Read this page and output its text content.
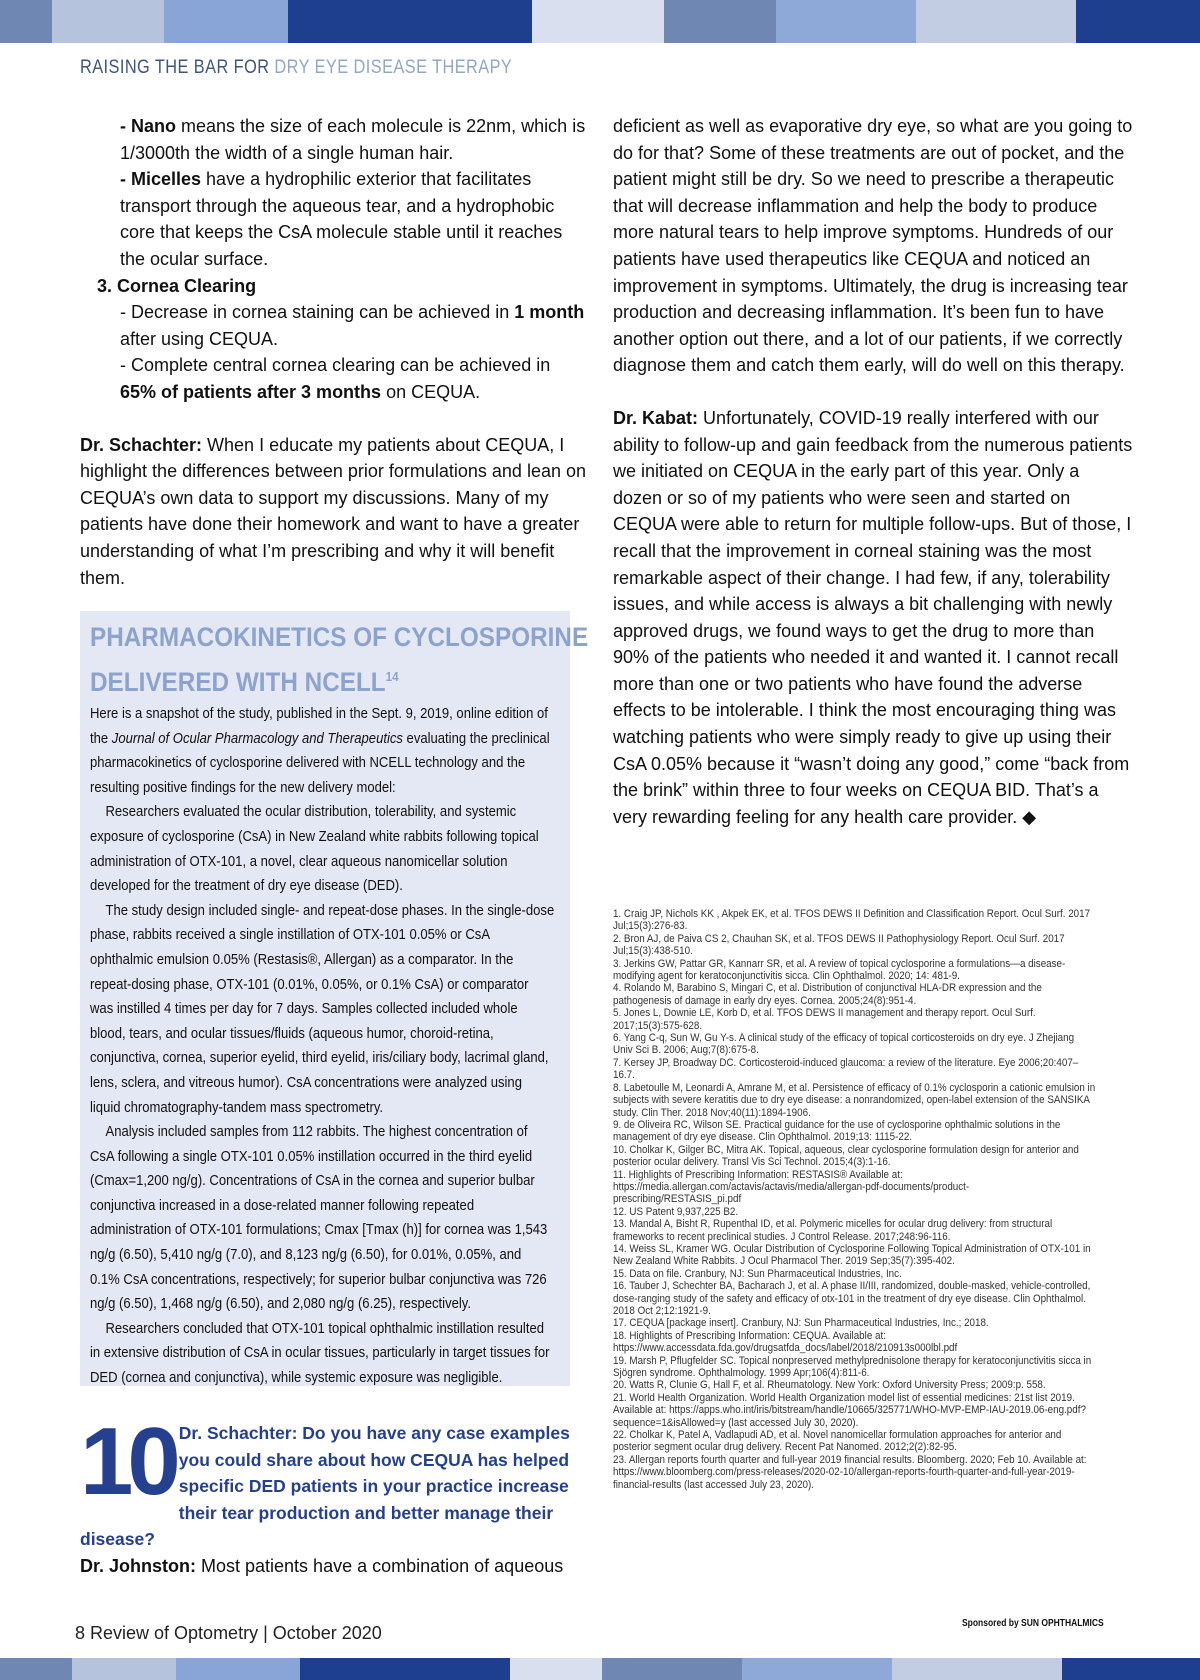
RAISING THE BAR FOR DRY EYE DISEASE THERAPY

- Nano means the size of each molecule is 22nm, which is 1/3000th the width of a single human hair.

- Micelles have a hydrophilic exterior that facilitates transport through the aqueous tear, and a hydrophobic core that keeps the CsA molecule stable until it reaches the ocular surface.

3. Cornea Clearing

- Decrease in cornea staining can be achieved in 1 month after using CEQUA.

- Complete central cornea clearing can be achieved in 65% of patients after 3 months on CEQUA.

Dr. Schachter: When I educate my patients about CEQUA, I highlight the differences between prior formulations and lean on CEQUA’s own data to support my discussions. Many of my patients have done their homework and want to have a greater understanding of what I’m prescribing and why it will benefit them.

PHARMACOKINETICS OF CYCLOSPORINE DELIVERED WITH NCELL$^{14}$

Here is a snapshot of the study, published in the Sept. 9, 2019, online edition of the Journal of Ocular Pharmacology and Therapeutics evaluating the preclinical pharmacokinetics of cyclosporine delivered with NCELL technology and the resulting positive findings for the new delivery model:

Researchers evaluated the ocular distribution, tolerability, and systemic exposure of cyclosporine (CsA) in New Zealand white rabbits following topical administration of OTX-101, a novel, clear aqueous nanomicellar solution developed for the treatment of dry eye disease (DED).

The study design included single- and repeat-dose phases. In the single-dose phase, rabbits received a single instillation of OTX-101 0.05% or CsA ophthalmic emulsion 0.05% (Restasis®, Allergan) as a comparator. In the repeat-dosing phase, OTX-101 (0.01%, 0.05%, or 0.1% CsA) or comparator was instilled 4 times per day for 7 days. Samples collected included whole blood, tears, and ocular tissues/fluids (aqueous humor, choroid-retina, conjunctiva, cornea, superior eyelid, third eyelid, iris/ciliary body, lacrimal gland, lens, sclera, and vitreous humor). CsA concentrations were analyzed using liquid chromatography-tandem mass spectrometry.

Analysis included samples from 112 rabbits. The highest concentration of CsA following a single OTX-101 0.05% instillation occurred in the third eyelid (Cmax=1,200 ng/g). Concentrations of CsA in the cornea and superior bulbar conjunctiva increased in a dose-related manner following repeated administration of OTX-101 formulations; Cmax [Tmax (h)] for cornea was 1,543 ng/g (6.50), 5,410 ng/g (7.0), and 8,123 ng/g (6.50), for 0.01%, 0.05%, and 0.1% CsA concentrations, respectively; for superior bulbar conjunctiva was 726 ng/g (6.50), 1,468 ng/g (6.50), and 2,080 ng/g (6.25), respectively.

Researchers concluded that OTX-101 topical ophthalmic instillation resulted in extensive distribution of CsA in ocular tissues, particularly in target tissues for DED (cornea and conjunctiva), while systemic exposure was negligible.

10 Dr. Schachter: Do you have any case examples you could share about how CEQUA has helped specific DED patients in your practice increase their tear production and better manage their disease?

Dr. Johnston: Most patients have a combination of aqueous

deficient as well as evaporative dry eye, so what are you going to do for that? Some of these treatments are out of pocket, and the patient might still be dry. So we need to prescribe a therapeutic that will decrease inflammation and help the body to produce more natural tears to help improve symptoms. Hundreds of our patients have used therapeutics like CEQUA and noticed an improvement in symptoms. Ultimately, the drug is increasing tear production and decreasing inflammation. It’s been fun to have another option out there, and a lot of our patients, if we correctly diagnose them and catch them early, will do well on this therapy.

Dr. Kabat: Unfortunately, COVID-19 really interfered with our ability to follow-up and gain feedback from the numerous patients we initiated on CEQUA in the early part of this year. Only a dozen or so of my patients who were seen and started on CEQUA were able to return for multiple follow-ups. But of those, I recall that the improvement in corneal staining was the most remarkable aspect of their change. I had few, if any, tolerability issues, and while access is always a bit challenging with newly approved drugs, we found ways to get the drug to more than 90% of the patients who needed it and wanted it. I cannot recall more than one or two patients who have found the adverse effects to be intolerable. I think the most encouraging thing was watching patients who were simply ready to give up using their CsA 0.05% because it “wasn’t doing any good,” come “back from the brink” within three to four weeks on CEQUA BID. That’s a very rewarding feeling for any health care provider. ◆

1. Craig JP, Nichols KK , Akpek EK, et al. TFOS DEWS II Definition and Classification Report. Ocul Surf. 2017 Jul;15(3):276-83.

2. Bron AJ, de Paiva CS 2, Chauhan SK, et al. TFOS DEWS II Pathophysiology Report. Ocul Surf. 2017 Jul;15(3):438-510.

3. Jerkins GW, Pattar GR, Kannarr SR, et al. A review of topical cyclosporine a formulations—a disease-modifying agent for keratoconjunctivitis sicca. Clin Ophthalmol. 2020; 14: 481-9.

4. Rolando M, Barabino S, Mingari C, et al. Distribution of conjunctival HLA-DR expression and the pathogenesis of damage in early dry eyes. Cornea. 2005;24(8):951-4.

5. Jones L, Downie LE, Korb D, et al. TFOS DEWS II management and therapy report. Ocul Surf. 2017;15(3):575-628.

6. Yang C-q, Sun W, Gu Y-s. A clinical study of the efficacy of topical corticosteroids on dry eye. J Zhejiang Univ Sci B. 2006; Aug;7(8):675-8.

7. Kersey JP, Broadway DC. Corticosteroid-induced glaucoma: a review of the literature. Eye 2006;20:407–16.7.

8. Labetoulle M, Leonardi A, Amrane M, et al. Persistence of efficacy of 0.1% cyclosporin a cationic emulsion in subjects with severe keratitis due to dry eye disease: a nonrandomized, open-label extension of the SANSIKA study. Clin Ther. 2018 Nov;40(11):1894-1906.

9. de Oliveira RC, Wilson SE. Practical guidance for the use of cyclosporine ophthalmic solutions in the management of dry eye disease. Clin Ophthalmol. 2019;13: 1115-22.

10. Cholkar K, Gilger BC, Mitra AK. Topical, aqueous, clear cyclosporine formulation design for anterior and posterior ocular delivery. Transl Vis Sci Technol. 2015;4(3):1-16.

11. Highlights of Prescribing Information: RESTASIS® Available at: https://media.allergan.com/actavis/actavis/media/allergan-pdf-documents/product-prescribing/RESTASIS_pi.pdf

12. US Patent 9,937,225 B2.

13. Mandal A, Bisht R, Rupenthal ID, et al. Polymeric micelles for ocular drug delivery: from structural frameworks to recent preclinical studies. J Control Release. 2017;248:96-116.

14. Weiss SL, Kramer WG. Ocular Distribution of Cyclosporine Following Topical Administration of OTX-101 in New Zealand White Rabbits. J Ocul Pharmacol Ther. 2019 Sep;35(7):395-402.

15. Data on file. Cranbury, NJ: Sun Pharmaceutical Industries, Inc.

16. Tauber J, Schechter BA, Bacharach J, et al. A phase II/III, randomized, double-masked, vehicle-controlled, dose-ranging study of the safety and efficacy of otx-101 in the treatment of dry eye disease. Clin Ophthalmol. 2018 Oct 2;12:1921-9.

17. CEQUA [package insert]. Cranbury, NJ: Sun Pharmaceutical Industries, Inc.; 2018.

18. Highlights of Prescribing Information: CEQUA. Available at: https://www.accessdata.fda.gov/drugsatfda_docs/label/2018/210913s000lbl.pdf

19. Marsh P, Pflugfelder SC. Topical nonpreserved methylprednisolone therapy for keratoconjunctivitis sicca in Sjögren syndrome. Ophthalmology. 1999 Apr;106(4):811-6.

20. Watts R, Clunie G, Hall F, et al. Rheumatology. New York: Oxford University Press; 2009:p. 558.

21. World Health Organization. World Health Organization model list of essential medicines: 21st list 2019. Available at: https://apps.who.int/iris/bitstream/handle/10665/325771/WHO-MVP-EMP-IAU-2019.06-eng.pdf?sequence=1&isAllowed=y (last accessed July 30, 2020).

22. Cholkar K, Patel A, Vadlapudi AD, et al. Novel nanomicellar formulation approaches for anterior and posterior segment ocular drug delivery. Recent Pat Nanomed. 2012;2(2):82-95.

23. Allergan reports fourth quarter and full-year 2019 financial results. Bloomberg. 2020; Feb 10. Available at: https://www.bloomberg.com/press-releases/2020-02-10/allergan-reports-fourth-quarter-and-full-year-2019-financial-results (last accessed July 23, 2020).

8 Review of Optometry | October 2020	Sponsored by SUN OPHTHALMICS
